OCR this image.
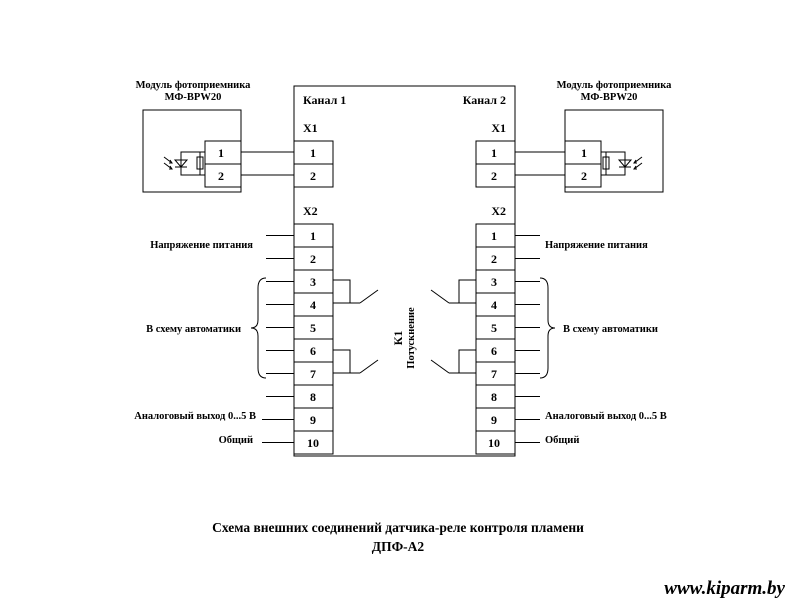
Модуль фотоприемника
МФ-BPW20
1
2
Модуль фотоприемника
МФ-BPW20
1
2
Канал 1	Канал 2
X1	X1
X2	X2
1
2
1
2
1
2
3
4
5
6
7
8
9
10
1
2
3
4
5
6
7
8
9
10
К1 Потускнение
Напряжение питания	Напряжение питания
В схему автоматики	В схему автоматики
Аналоговый выход 0...5 В	Аналоговый выход 0...5 В
Общий	Общий
Схема внешних соединений датчика-реле контроля пламени
ДПФ-А2
www.kiparm.by
